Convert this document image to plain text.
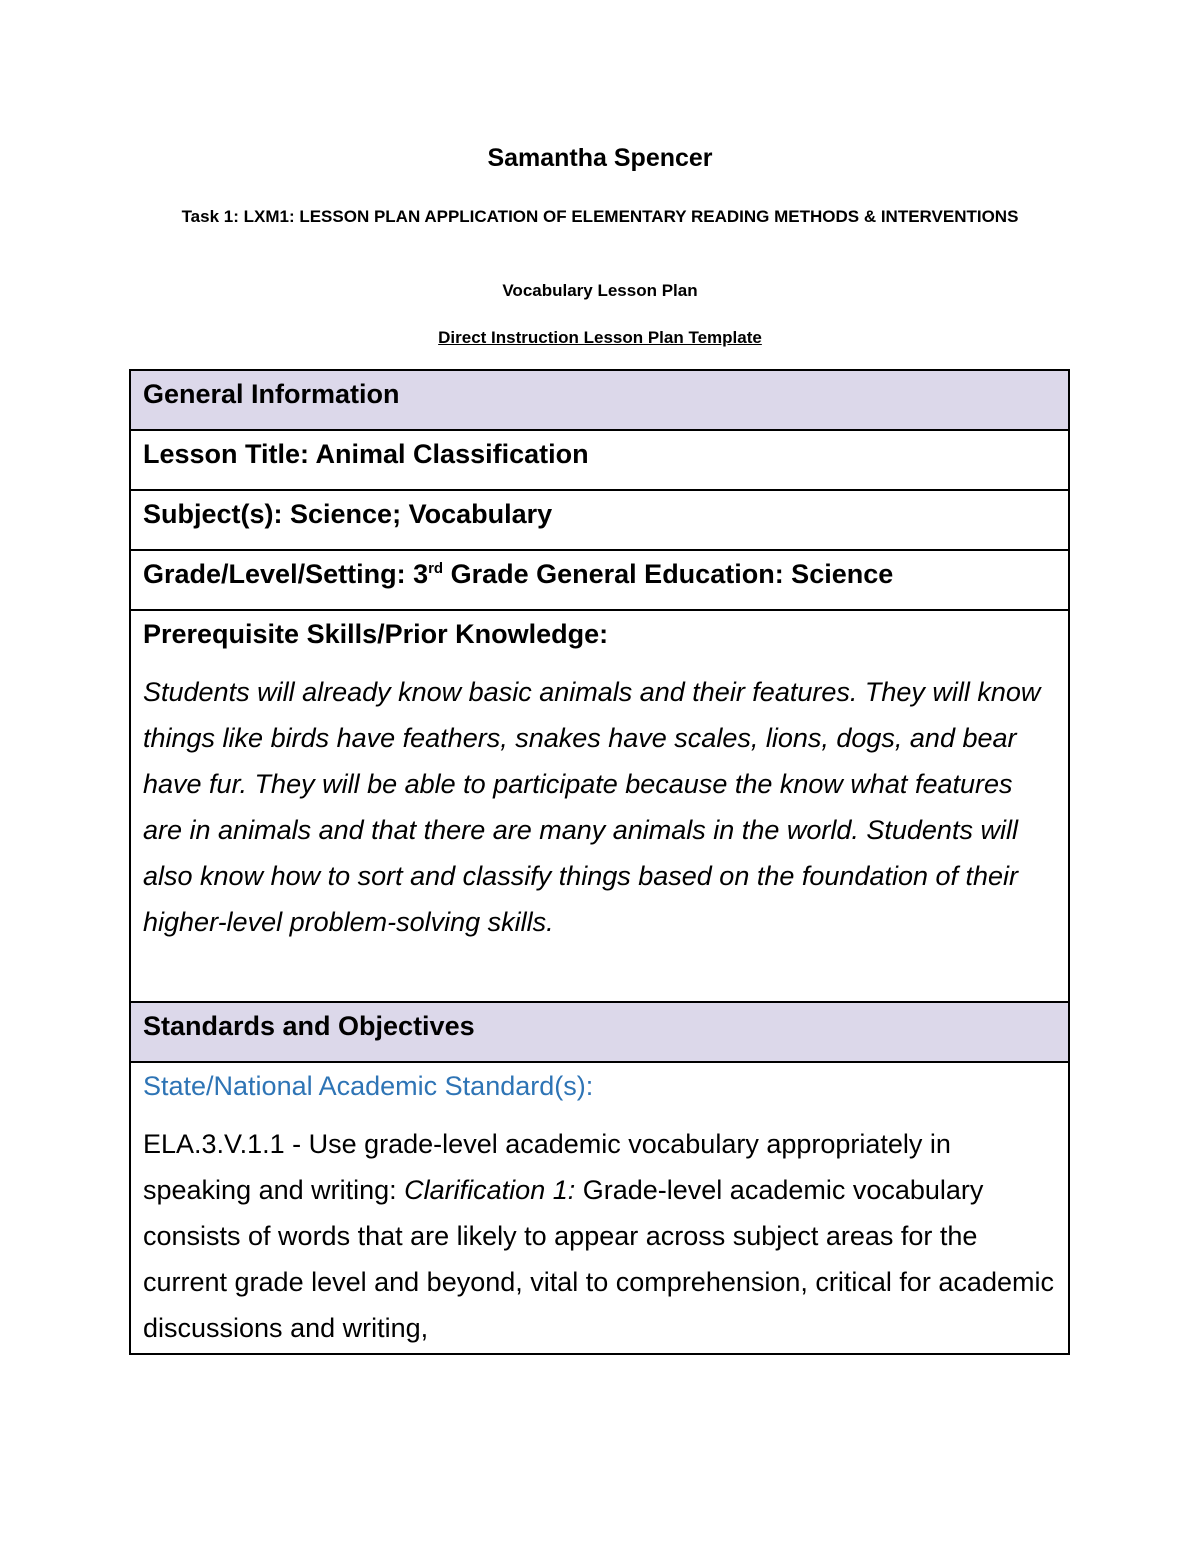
Samantha Spencer
Task 1: LXM1: LESSON PLAN APPLICATION OF ELEMENTARY READING METHODS & INTERVENTIONS
Vocabulary Lesson Plan
Direct Instruction Lesson Plan Template
General Information
Lesson Title: Animal Classification
Subject(s): Science; Vocabulary
Grade/Level/Setting: 3rd Grade General Education: Science

Prerequisite Skills/Prior Knowledge:
Students will already know basic animals and their features. They will know things like birds have feathers, snakes have scales, lions, dogs, and bear have fur. They will be able to participate because the know what features are in animals and that there are many animals in the world. Students will also know how to sort and classify things based on the foundation of their higher-level problem-solving skills.

Standards and Objectives

State/National Academic Standard(s):
ELA.3.V.1.1 - Use grade-level academic vocabulary appropriately in speaking and writing: Clarification 1: Grade-level academic vocabulary consists of words that are likely to appear across subject areas for the current grade level and beyond, vital to comprehension, critical for academic discussions and writing,
